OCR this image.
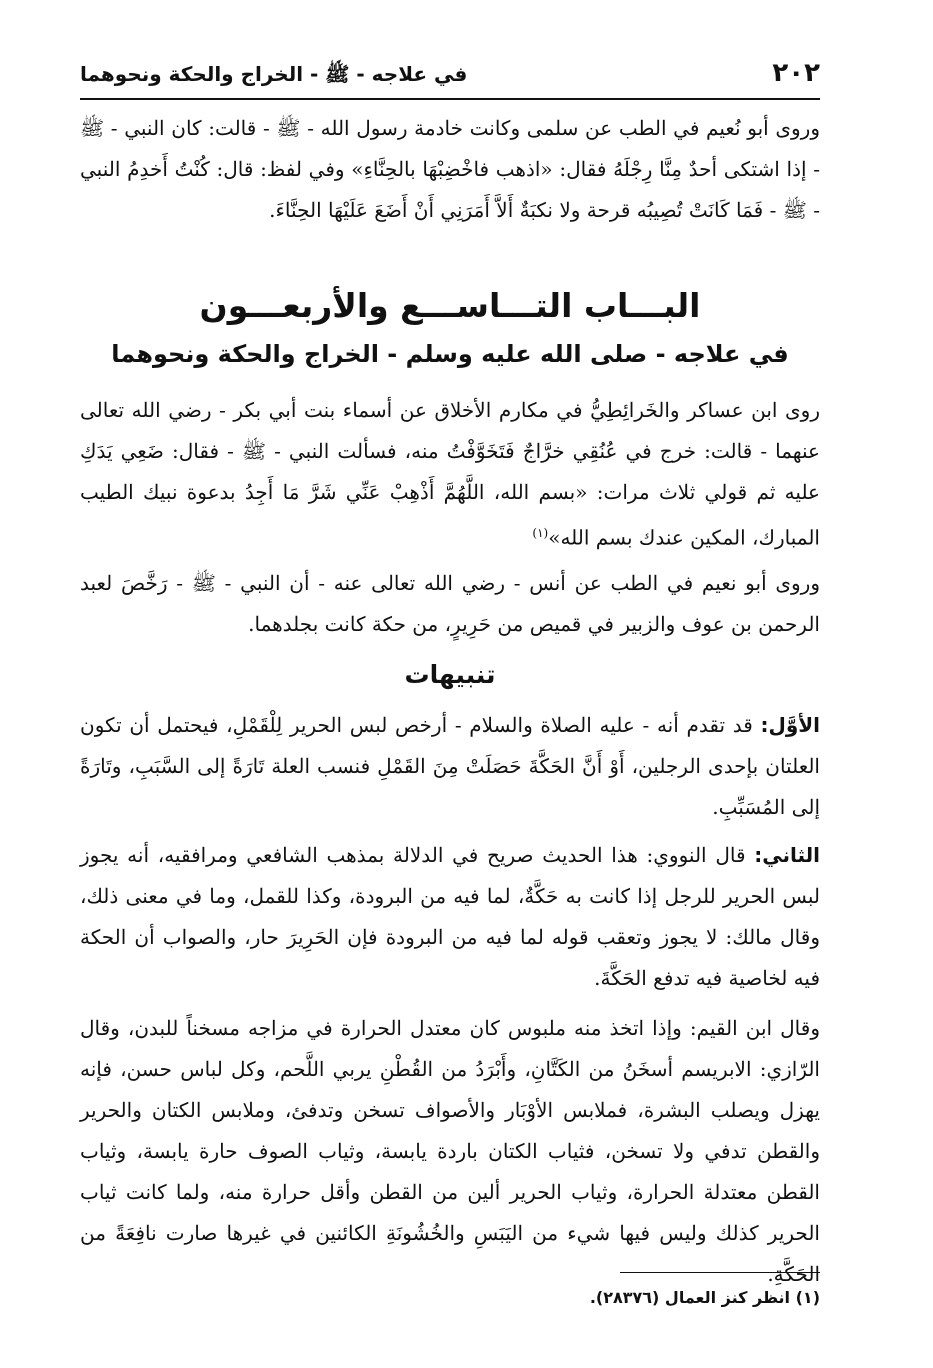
٢٠٢
في علاجه - ﷺ - الخراج والحكة ونحوهما
وروى أبو نُعيم في الطب عن سلمى وكانت خادمة رسول الله - ﷺ - قالت: كان النبي - ﷺ - إذا اشتكى أحدٌ مِنَّا رِجْلَهُ فقال: «اذهب فاخْضِبْهَا بالحِنَّاءِ» وفي لفظ: قال: كُنْتُ أَخدِمُ النبي - ﷺ - فَمَا كَانَتْ تُصِيبُه قرحة ولا نكبَةٌ أَلاَّ أَمَرَنِي أَنْ أَضَعَ عَلَيْهَا الحِنَّاءَ.
البـــاب التـــاســـع والأربعـــون
في علاجه - صلى الله عليه وسلم - الخراج والحكة ونحوهما
روى ابن عساكر والخَرائِطِيُّ في مكارم الأخلاق عن أسماء بنت أبي بكر - رضي الله تعالى عنهما - قالت: خرج في عُنُقِي خرَّاجٌ فَتَخَوَّفْتُ منه، فسألت النبي - ﷺ - فقال: ضَعِي يَدَكِ عليه ثم قولي ثلاث مرات: «بسم الله، اللَّهُمَّ أَذْهِبْ عَنِّي شَرَّ مَا أَجِدُ بدعوة نبيك الطيب المبارك، المكين عندك بسم الله»$^{(١)}$
وروى أبو نعيم في الطب عن أنس - رضي الله تعالى عنه - أن النبي - ﷺ - رَخَّصَ لعبد الرحمن بن عوف والزبير في قميص من حَرِيرٍ، من حكة كانت بجلدهما.
تنبيهات
الأوَّل: قد تقدم أنه - عليه الصلاة والسلام - أرخص لبس الحرير لِلْقَمْلِ، فيحتمل أن تكون العلتان بإحدى الرجلين، أَوْ أَنَّ الحَكَّةَ حَصَلَتْ مِنَ القَمْلِ فنسب العلة تَارَةً إلى السَّبَبِ، وتَارَةً إلى المُسَبِّبِ.
الثاني: قال النووي: هذا الحديث صريح في الدلالة بمذهب الشافعي ومرافقيه، أنه يجوز لبس الحرير للرجل إذا كانت به حَكَّةٌ، لما فيه من البرودة، وكذا للقمل، وما في معنى ذلك، وقال مالك: لا يجوز وتعقب قوله لما فيه من البرودة فإن الحَرِيرَ حار، والصواب أن الحكة فيه لخاصية فيه تدفع الحَكَّةَ.
وقال ابن القيم: وإذا اتخذ منه ملبوس كان معتدل الحرارة في مزاجه مسخناً للبدن، وقال الرّازي: الابريسم أسخَنُ من الكَتَّانِ، وأَبْرَدُ من القُطْنِ يربي اللَّحم، وكل لباس حسن، فإنه يهزل ويصلب البشرة، فملابس الأوْبَار والأصواف تسخن وتدفئ، وملابس الكتان والحرير والقطن تدفي ولا تسخن، فثياب الكتان باردة يابسة، وثياب الصوف حارة يابسة، وثياب القطن معتدلة الحرارة، وثياب الحرير ألين من القطن وأقل حرارة منه، ولما كانت ثياب الحرير كذلك وليس فيها شيء من اليَبَسِ والخُشُونَةِ الكائنين في غيرها صارت نافِعَةً من الحَكَّةِ.
(١) انظر كنز العمال (٢٨٣٧٦).
